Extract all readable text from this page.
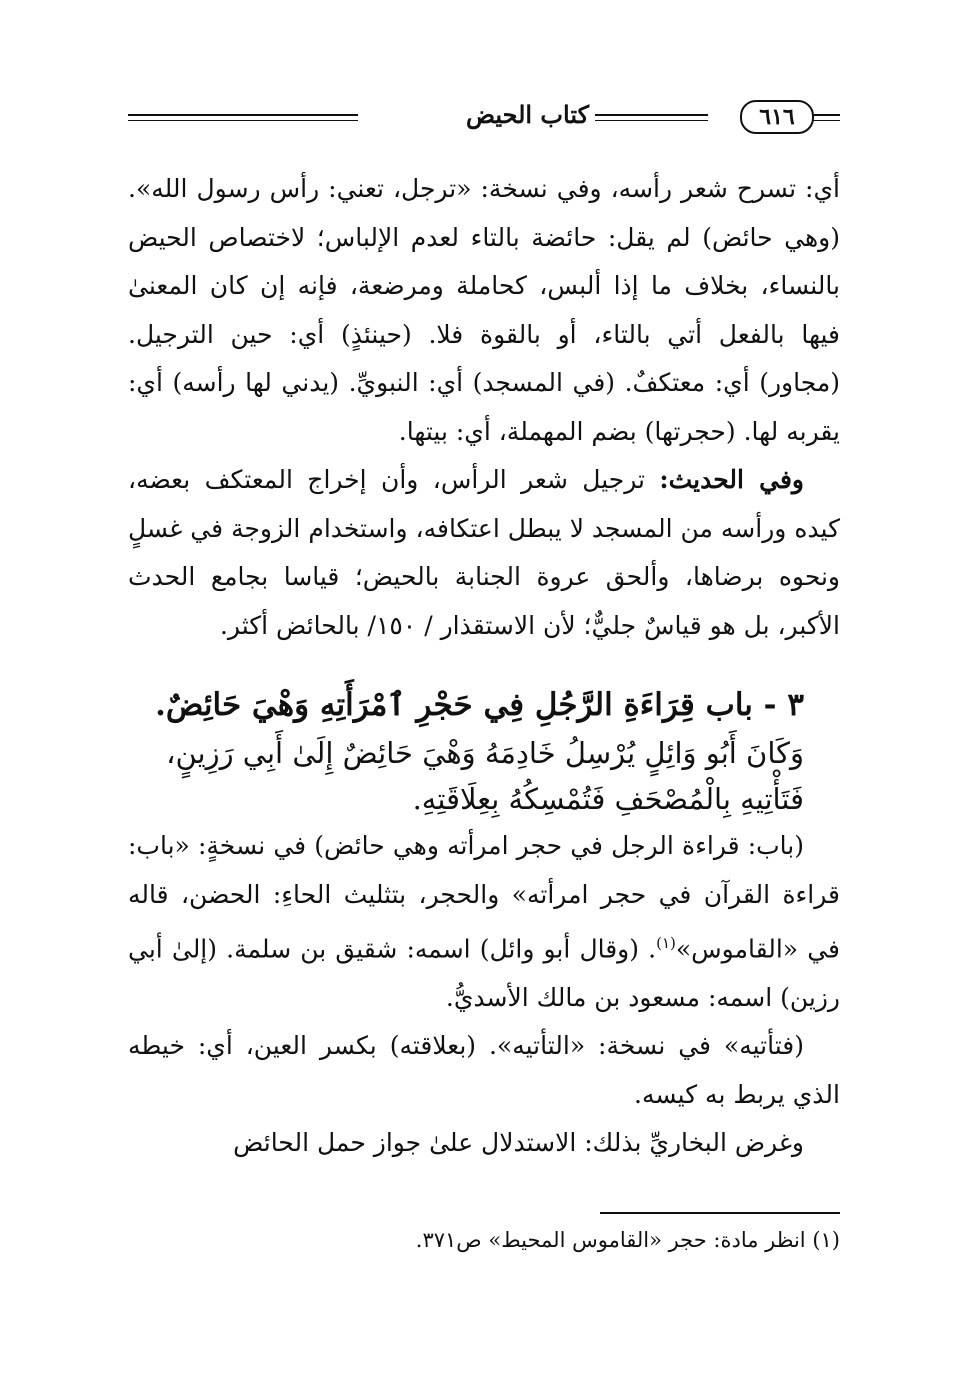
كتاب الحيض	٦١٦

أي: تسرح شعر رأسه، وفي نسخة: «ترجل، تعني: رأس رسول الله». (وهي حائض) لم يقل: حائضة بالتاء لعدم الإلباس؛ لاختصاص الحيض بالنساء، بخلاف ما إذا ألبس، كحاملة ومرضعة، فإنه إن كان المعنىٰ فيها بالفعل أتي بالتاء، أو بالقوة فلا. (حينئذٍ) أي: حين الترجيل. (مجاور) أي: معتكفٌ. (في المسجد) أي: النبويِّ. (يدني لها رأسه) أي: يقربه لها. (حجرتها) بضم المهملة، أي: بيتها.

وفي الحديث: ترجيل شعر الرأس، وأن إخراج المعتكف بعضه، كيده ورأسه من المسجد لا يبطل اعتكافه، واستخدام الزوجة في غسلٍ ونحوه برضاها، وألحق عروة الجنابة بالحيض؛ قياسا بجامع الحدث الأكبر، بل هو قياسٌ جليٌّ؛ لأن الاستقذار / ١٥٠/ بالحائض أكثر.

٣ - باب قِرَاءَةِ الرَّجُلِ فِي حَجْرِ ٱمْرَأَتِهِ وَهْيَ حَائِضٌ.

وَكَانَ أَبُو وَائِلٍ يُرْسِلُ خَادِمَهُ وَهْيَ حَائِضٌ إِلَىٰ أَبِي رَزِينٍ، فَتَأْتِيهِ بِالْمُصْحَفِ فَتُمْسِكُهُ بِعِلَاقَتِهِ.

(باب: قراءة الرجل في حجر امرأته وهي حائض) في نسخةٍ: «باب: قراءة القرآن في حجر امرأته» والحجر، بتثليث الحاءِ: الحضن، قاله في «القاموس»$^{(١)}$. (وقال أبو وائل) اسمه: شقيق بن سلمة. (إلىٰ أبي رزين) اسمه: مسعود بن مالك الأسديُّ.

(فتأتيه» في نسخة: «التأتيه». (بعلاقته) بكسر العين، أي: خيطه الذي يربط به كيسه.

وغرض البخاريِّ بذلك: الاستدلال علىٰ جواز حمل الحائض

(١) انظر مادة: حجر «القاموس المحيط» ص٣٧١.
